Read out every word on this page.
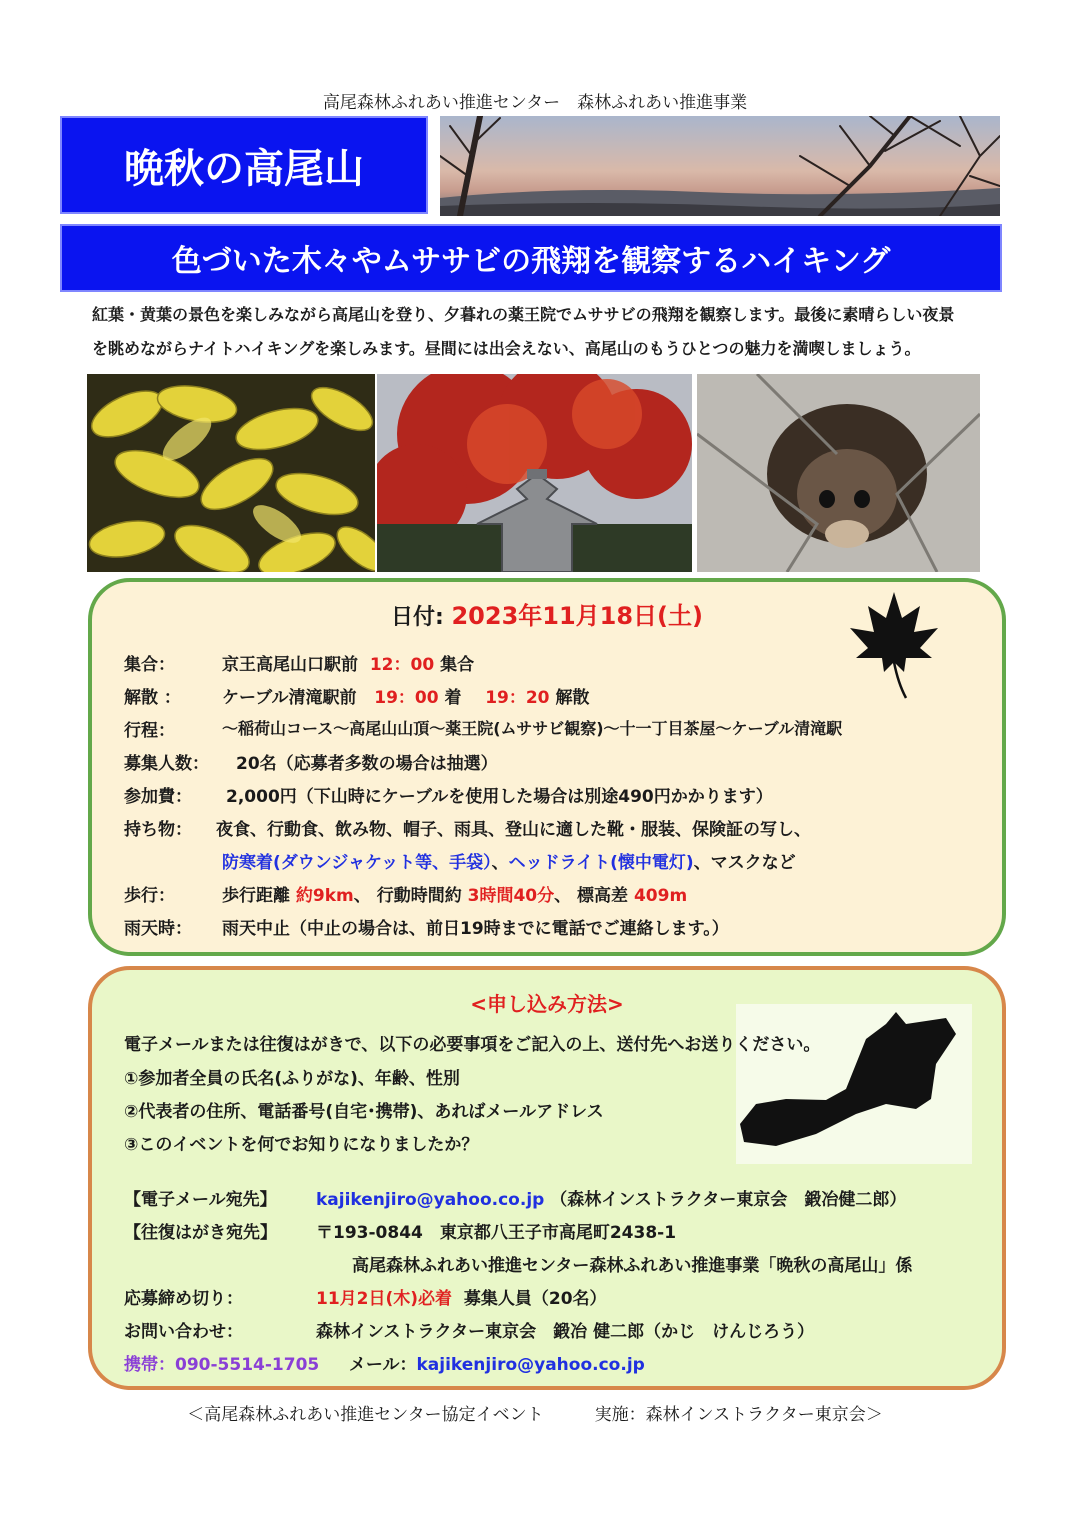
高尾森林ふれあい推進センター　森林ふれあい推進事業
晩秋の高尾山
色づいた木々やムササビの飛翔を観察するハイキング
紅葉・黄葉の景色を楽しみながら高尾山を登り、夕暮れの薬王院でムササビの飛翔を観察します。最後に素晴らしい夜景
を眺めながらナイトハイキングを楽しみます。昼間には出会えない、高尾山のもうひとつの魅力を満喫しましょう。
日付: 2023年11月18日(土)
集合：	京王高尾山口駅前 12：00 集合
解散 ： ケーブル清滝駅前 19：00 着 19：20 解散
行程：	～稲荷山コース～高尾山山頂～薬王院(ムササビ観察)～十一丁目茶屋～ケーブル清滝駅
募集人数： 20名（応募者多数の場合は抽選）
参加費： 2,000円（下山時にケーブルを使用した場合は別途490円かかります）
持ち物： 夜食、行動食、飲み物、帽子、雨具、登山に適した靴・服装、保険証の写し、
防寒着(ダウンジャケット等、手袋）、ヘッドライト(懐中電灯)、マスクなど
歩行：	歩行距離 約9km、 行動時間約 3時間40分、 標高差 409m
雨天時： 雨天中止（中止の場合は、前日19時までに電話でご連絡します。）
<申し込み方法>
電子メールまたは往復はがきで、以下の必要事項をご記入の上、送付先へお送りください。
①参加者全員の氏名(ふりがな)、年齢、性別
②代表者の住所、電話番号(自宅･携帯)、あればメールアドレス
③このイベントを何でお知りになりましたか？
【電子メール宛先】 kajikenjiro@yahoo.co.jp （森林インストラクター東京会　鍛冶健二郎）
【往復はがき宛先】 〒193-0844　東京都八王子市高尾町2438-1
高尾森林ふれあい推進センター森林ふれあい推進事業「晩秋の高尾山」係
応募締め切り：	11月2日(木)必着 募集人員（20名）
お問い合わせ：	森林インストラクター東京会　鍛冶 健二郎（かじ　けんじろう）
携帯：090-5514-1705 メール：kajikenjiro@yahoo.co.jp
＜高尾森林ふれあい推進センター協定イベント　　　実施：森林インストラクター東京会＞
